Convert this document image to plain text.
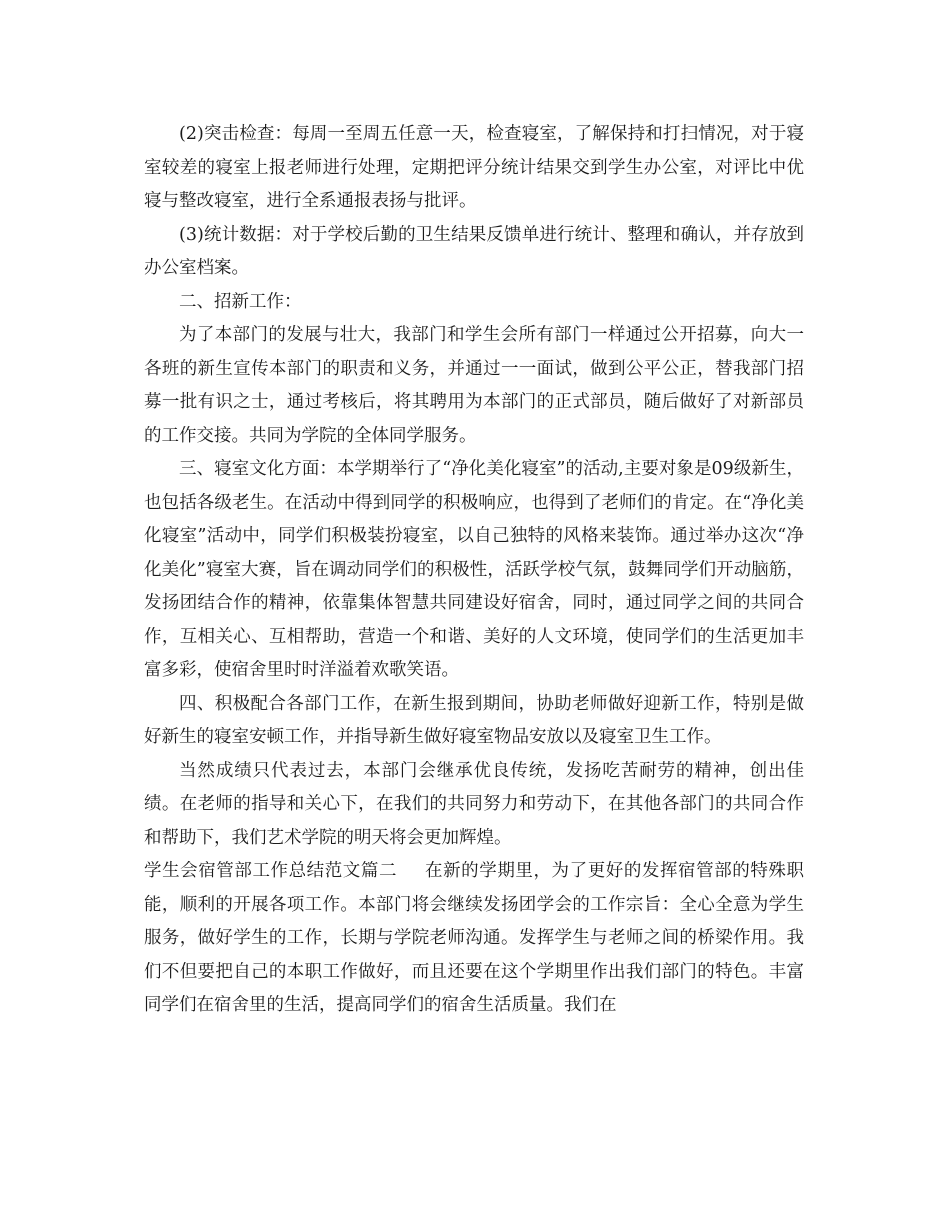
(2)突击检查：每周一至周五任意一天，检查寝室，了解保持和打扫情况，对于寝室较差的寝室上报老师进行处理，定期把评分统计结果交到学生办公室，对评比中优寝与整改寝室，进行全系通报表扬与批评。

(3)统计数据：对于学校后勤的卫生结果反馈单进行统计、整理和确认，并存放到办公室档案。

二、招新工作：

为了本部门的发展与壮大，我部门和学生会所有部门一样通过公开招募，向大一各班的新生宣传本部门的职责和义务，并通过一一面试，做到公平公正，替我部门招募一批有识之士，通过考核后，将其聘用为本部门的正式部员，随后做好了对新部员的工作交接。共同为学院的全体同学服务。

三、寝室文化方面：本学期举行了“净化美化寝室”的活动,主要对象是09级新生，也包括各级老生。在活动中得到同学的积极响应，也得到了老师们的肯定。在“净化美化寝室”活动中，同学们积极装扮寝室，以自己独特的风格来装饰。通过举办这次“净化美化”寝室大赛，旨在调动同学们的积极性，活跃学校气氛，鼓舞同学们开动脑筋，发扬团结合作的精神，依靠集体智慧共同建设好宿舍，同时，通过同学之间的共同合作，互相关心、互相帮助，营造一个和谐、美好的人文环境，使同学们的生活更加丰富多彩，使宿舍里时时洋溢着欢歌笑语。

四、积极配合各部门工作，在新生报到期间，协助老师做好迎新工作，特别是做好新生的寝室安顿工作，并指导新生做好寝室物品安放以及寝室卫生工作。

当然成绩只代表过去，本部门会继承优良传统，发扬吃苦耐劳的精神，创出佳绩。在老师的指导和关心下，在我们的共同努力和劳动下，在其他各部门的共同合作和帮助下，我们艺术学院的明天将会更加辉煌。

学生会宿管部工作总结范文篇二 在新的学期里，为了更好的发挥宿管部的特殊职能，顺利的开展各项工作。本部门将会继续发扬团学会的工作宗旨：全心全意为学生服务，做好学生的工作，长期与学院老师沟通。发挥学生与老师之间的桥梁作用。我们不但要把自己的本职工作做好，而且还要在这个学期里作出我们部门的特色。丰富同学们在宿舍里的生活，提高同学们的宿舍生活质量。我们在
